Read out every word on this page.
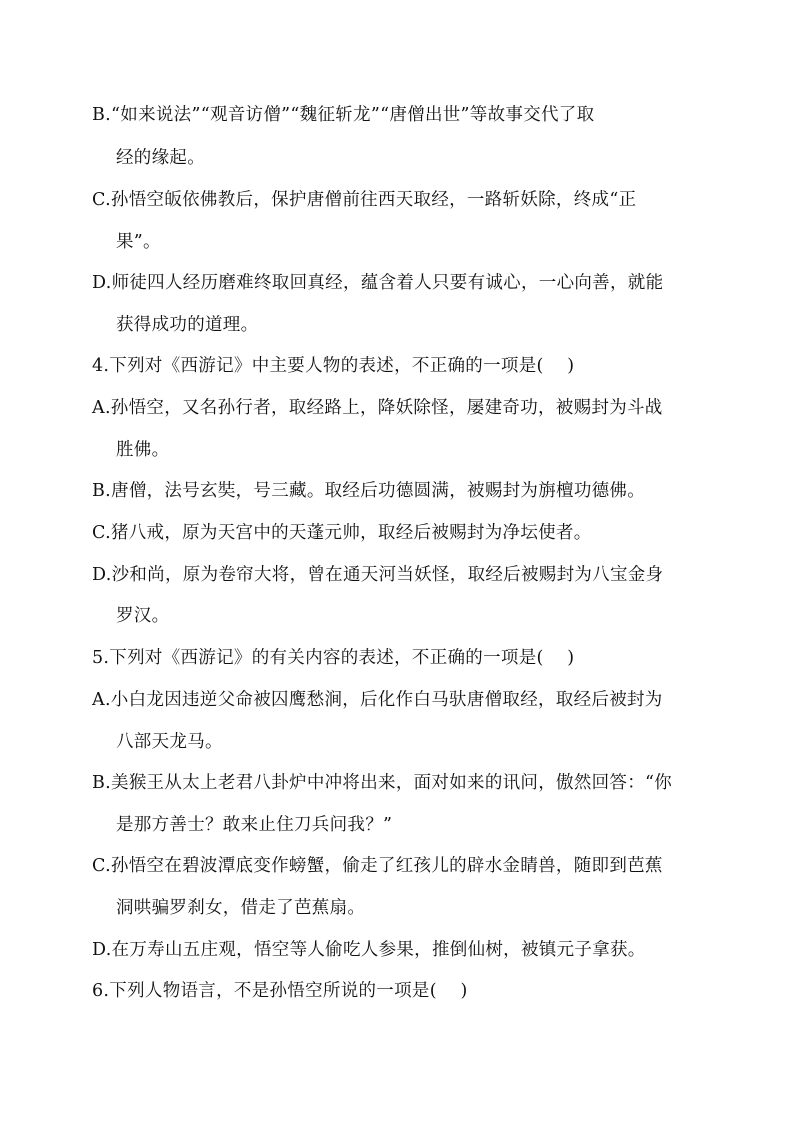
B.“如来说法”“观音访僧”“魏征斩龙”“唐僧出世”等故事交代了取
经的缘起。
C.孙悟空皈依佛教后，保护唐僧前往西天取经，一路斩妖除，终成“正
果”。
D.师徒四人经历磨难终取回真经，蕴含着人只要有诚心，一心向善，就能
获得成功的道理。
4.下列对《西游记》中主要人物的表述，不正确的一项是(　 )
A.孙悟空，又名孙行者，取经路上，降妖除怪，屡建奇功，被赐封为斗战
胜佛。
B.唐僧，法号玄奘，号三藏。取经后功德圆满，被赐封为旃檀功德佛。
C.猪八戒，原为天宫中的天蓬元帅，取经后被赐封为净坛使者。
D.沙和尚，原为卷帘大将，曾在通天河当妖怪，取经后被赐封为八宝金身
罗汉。
5.下列对《西游记》的有关内容的表述，不正确的一项是(　 )
A.小白龙因违逆父命被囚鹰愁涧，后化作白马驮唐僧取经，取经后被封为
八部天龙马。
B.美猴王从太上老君八卦炉中冲将出来，面对如来的讯问，傲然回答：“你
是那方善士？敢来止住刀兵问我？”
C.孙悟空在碧波潭底变作螃蟹，偷走了红孩儿的辟水金睛兽，随即到芭蕉
洞哄骗罗刹女，借走了芭蕉扇。
D.在万寿山五庄观，悟空等人偷吃人参果，推倒仙树，被镇元子拿获。
6.下列人物语言，不是孙悟空所说的一项是(　 )
